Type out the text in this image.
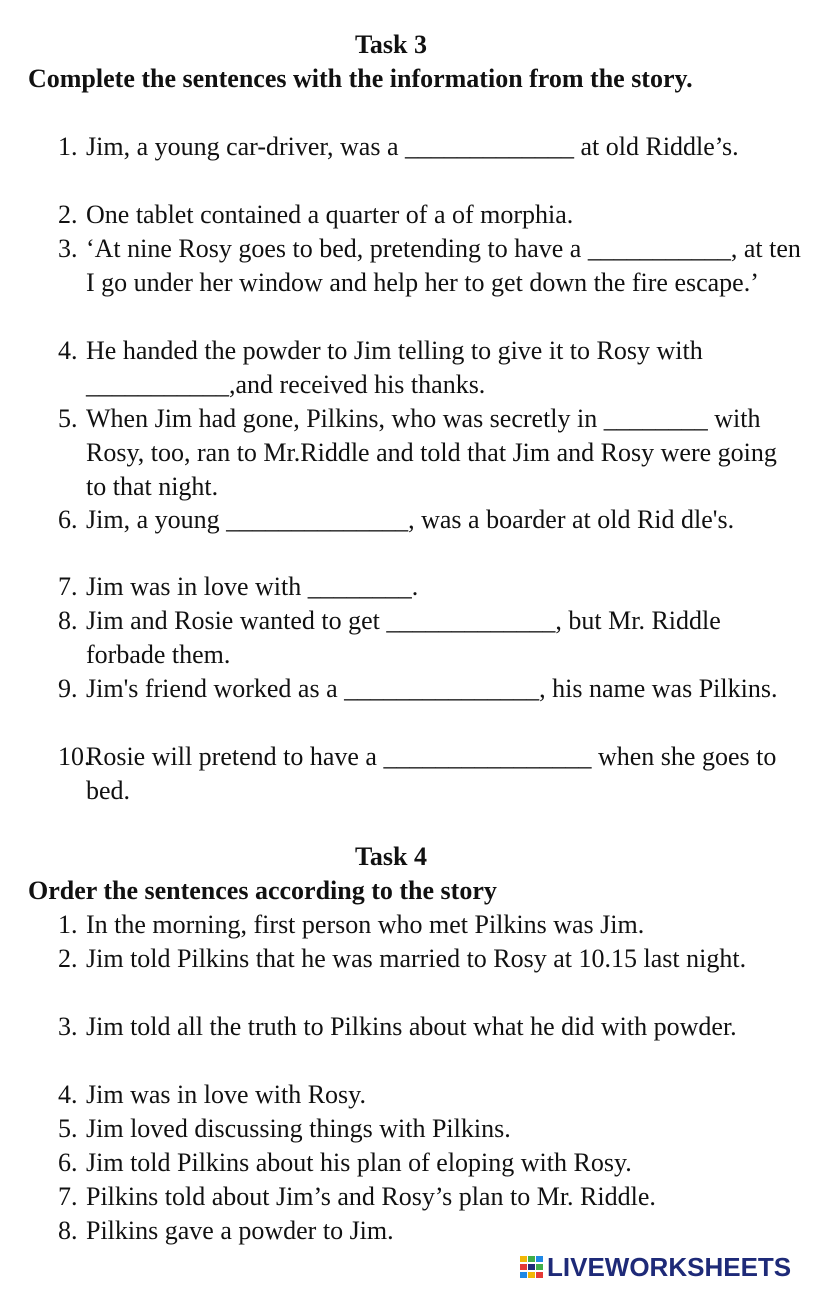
Task 3
Complete the sentences with the information from the story.
1. Jim, a young car-driver, was a _____________ at old Riddle’s.
2. One tablet contained a quarter of a of morphia.
3. ‘At nine Rosy goes to bed, pretending to have a ___________, at ten I go under her window and help her to get down the fire escape.’
4. He handed the powder to Jim telling to give it to Rosy with ___________,and received his thanks.
5. When Jim had gone, Pilkins, who was secretly in ________ with Rosy, too, ran to Mr.Riddle and told that Jim and Rosy were going to that night.
6. Jim, a young ______________, was a boarder at old Rid dle's.
7. Jim was in love with ________.
8. Jim and Rosie wanted to get _____________, but Mr. Riddle forbade them.
9. Jim's friend worked as a _______________, his name was Pilkins.
10.
Rosie will pretend to have a ________________ when she goes to bed.
Task 4
Order the sentences according to the story
1. In the morning, first person who met Pilkins was Jim.
2. Jim told Pilkins that he was married to Rosy at 10.15 last night.
3. Jim told all the truth to Pilkins about what he did with powder.
4. Jim was in love with Rosy.
5. Jim loved discussing things with Pilkins.
6. Jim told Pilkins about his plan of eloping with Rosy.
7. Pilkins told about Jim’s and Rosy’s plan to Mr. Riddle.
8. Pilkins gave a powder to Jim.
LIVEWORKSHEETS
